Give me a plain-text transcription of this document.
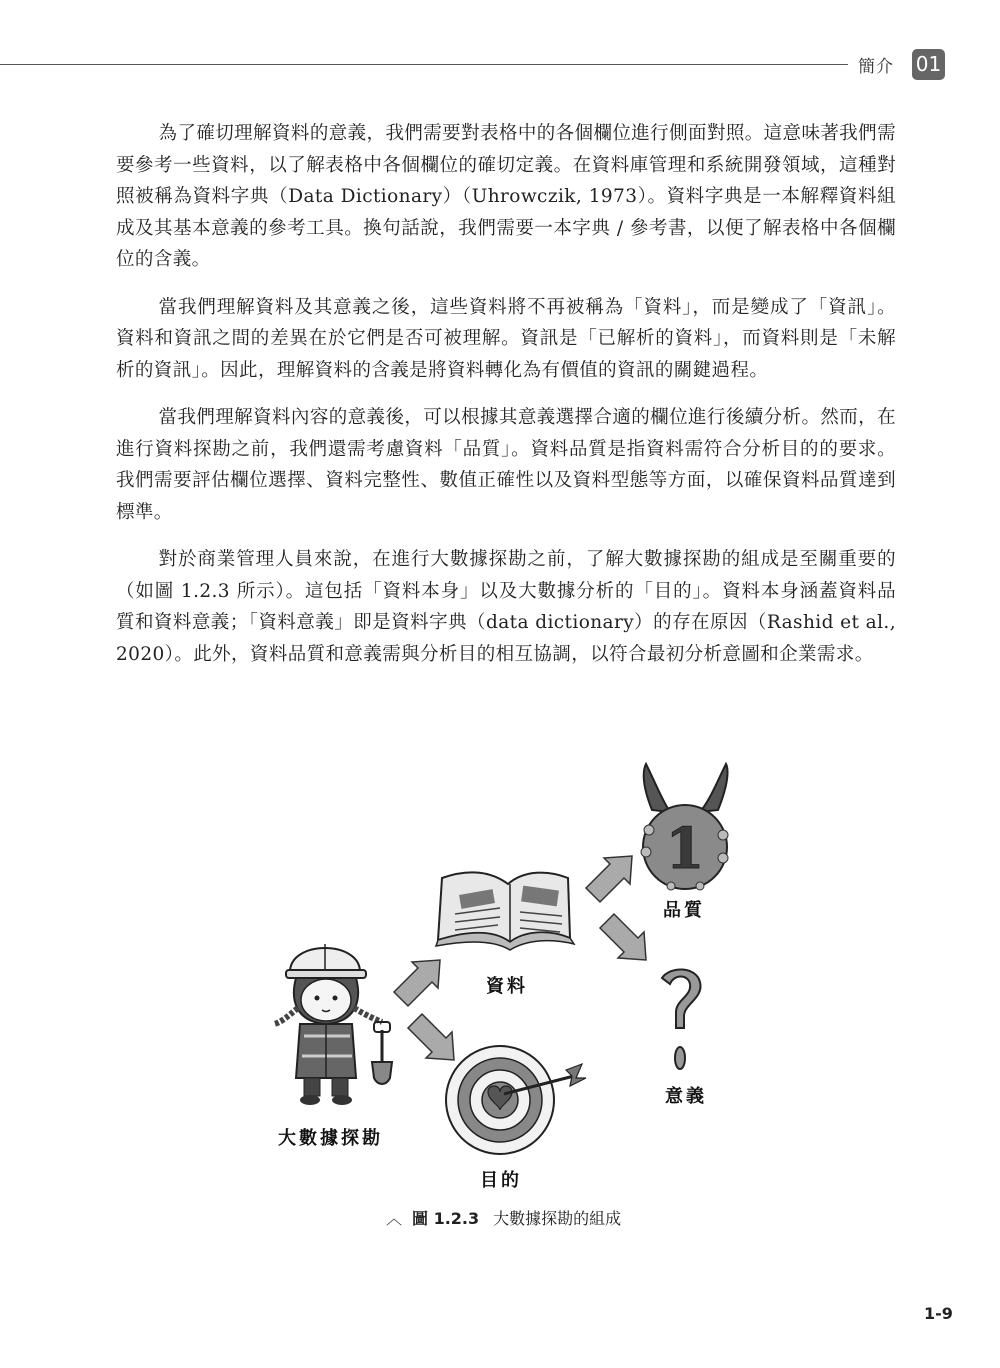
簡介 01

為了確切理解資料的意義，我們需要對表格中的各個欄位進行側面對照。這意味著我們需要參考一些資料，以了解表格中各個欄位的確切定義。在資料庫管理和系統開發領域，這種對照被稱為資料字典（Data Dictionary）（Uhrowczik, 1973）。資料字典是一本解釋資料組成及其基本意義的參考工具。換句話說，我們需要一本字典 / 參考書，以便了解表格中各個欄位的含義。

當我們理解資料及其意義之後，這些資料將不再被稱為「資料」，而是變成了「資訊」。資料和資訊之間的差異在於它們是否可被理解。資訊是「已解析的資料」，而資料則是「未解析的資訊」。因此，理解資料的含義是將資料轉化為有價值的資訊的關鍵過程。

當我們理解資料內容的意義後，可以根據其意義選擇合適的欄位進行後續分析。然而，在進行資料探勘之前，我們還需考慮資料「品質」。資料品質是指資料需符合分析目的的要求。我們需要評估欄位選擇、資料完整性、數值正確性以及資料型態等方面，以確保資料品質達到標準。

對於商業管理人員來說，在進行大數據探勘之前，了解大數據探勘的組成是至關重要的（如圖 1.2.3 所示）。這包括「資料本身」以及大數據分析的「目的」。資料本身涵蓋資料品質和資料意義；「資料意義」即是資料字典（data dictionary）的存在原因（Rashid et al., 2020）。此外，資料品質和意義需與分析目的相互協調，以符合最初分析意圖和企業需求。

1
品質
資料
意義
大數據探勘
目的
︿ 圖 1.2.3 大數據探勘的組成
1-9
